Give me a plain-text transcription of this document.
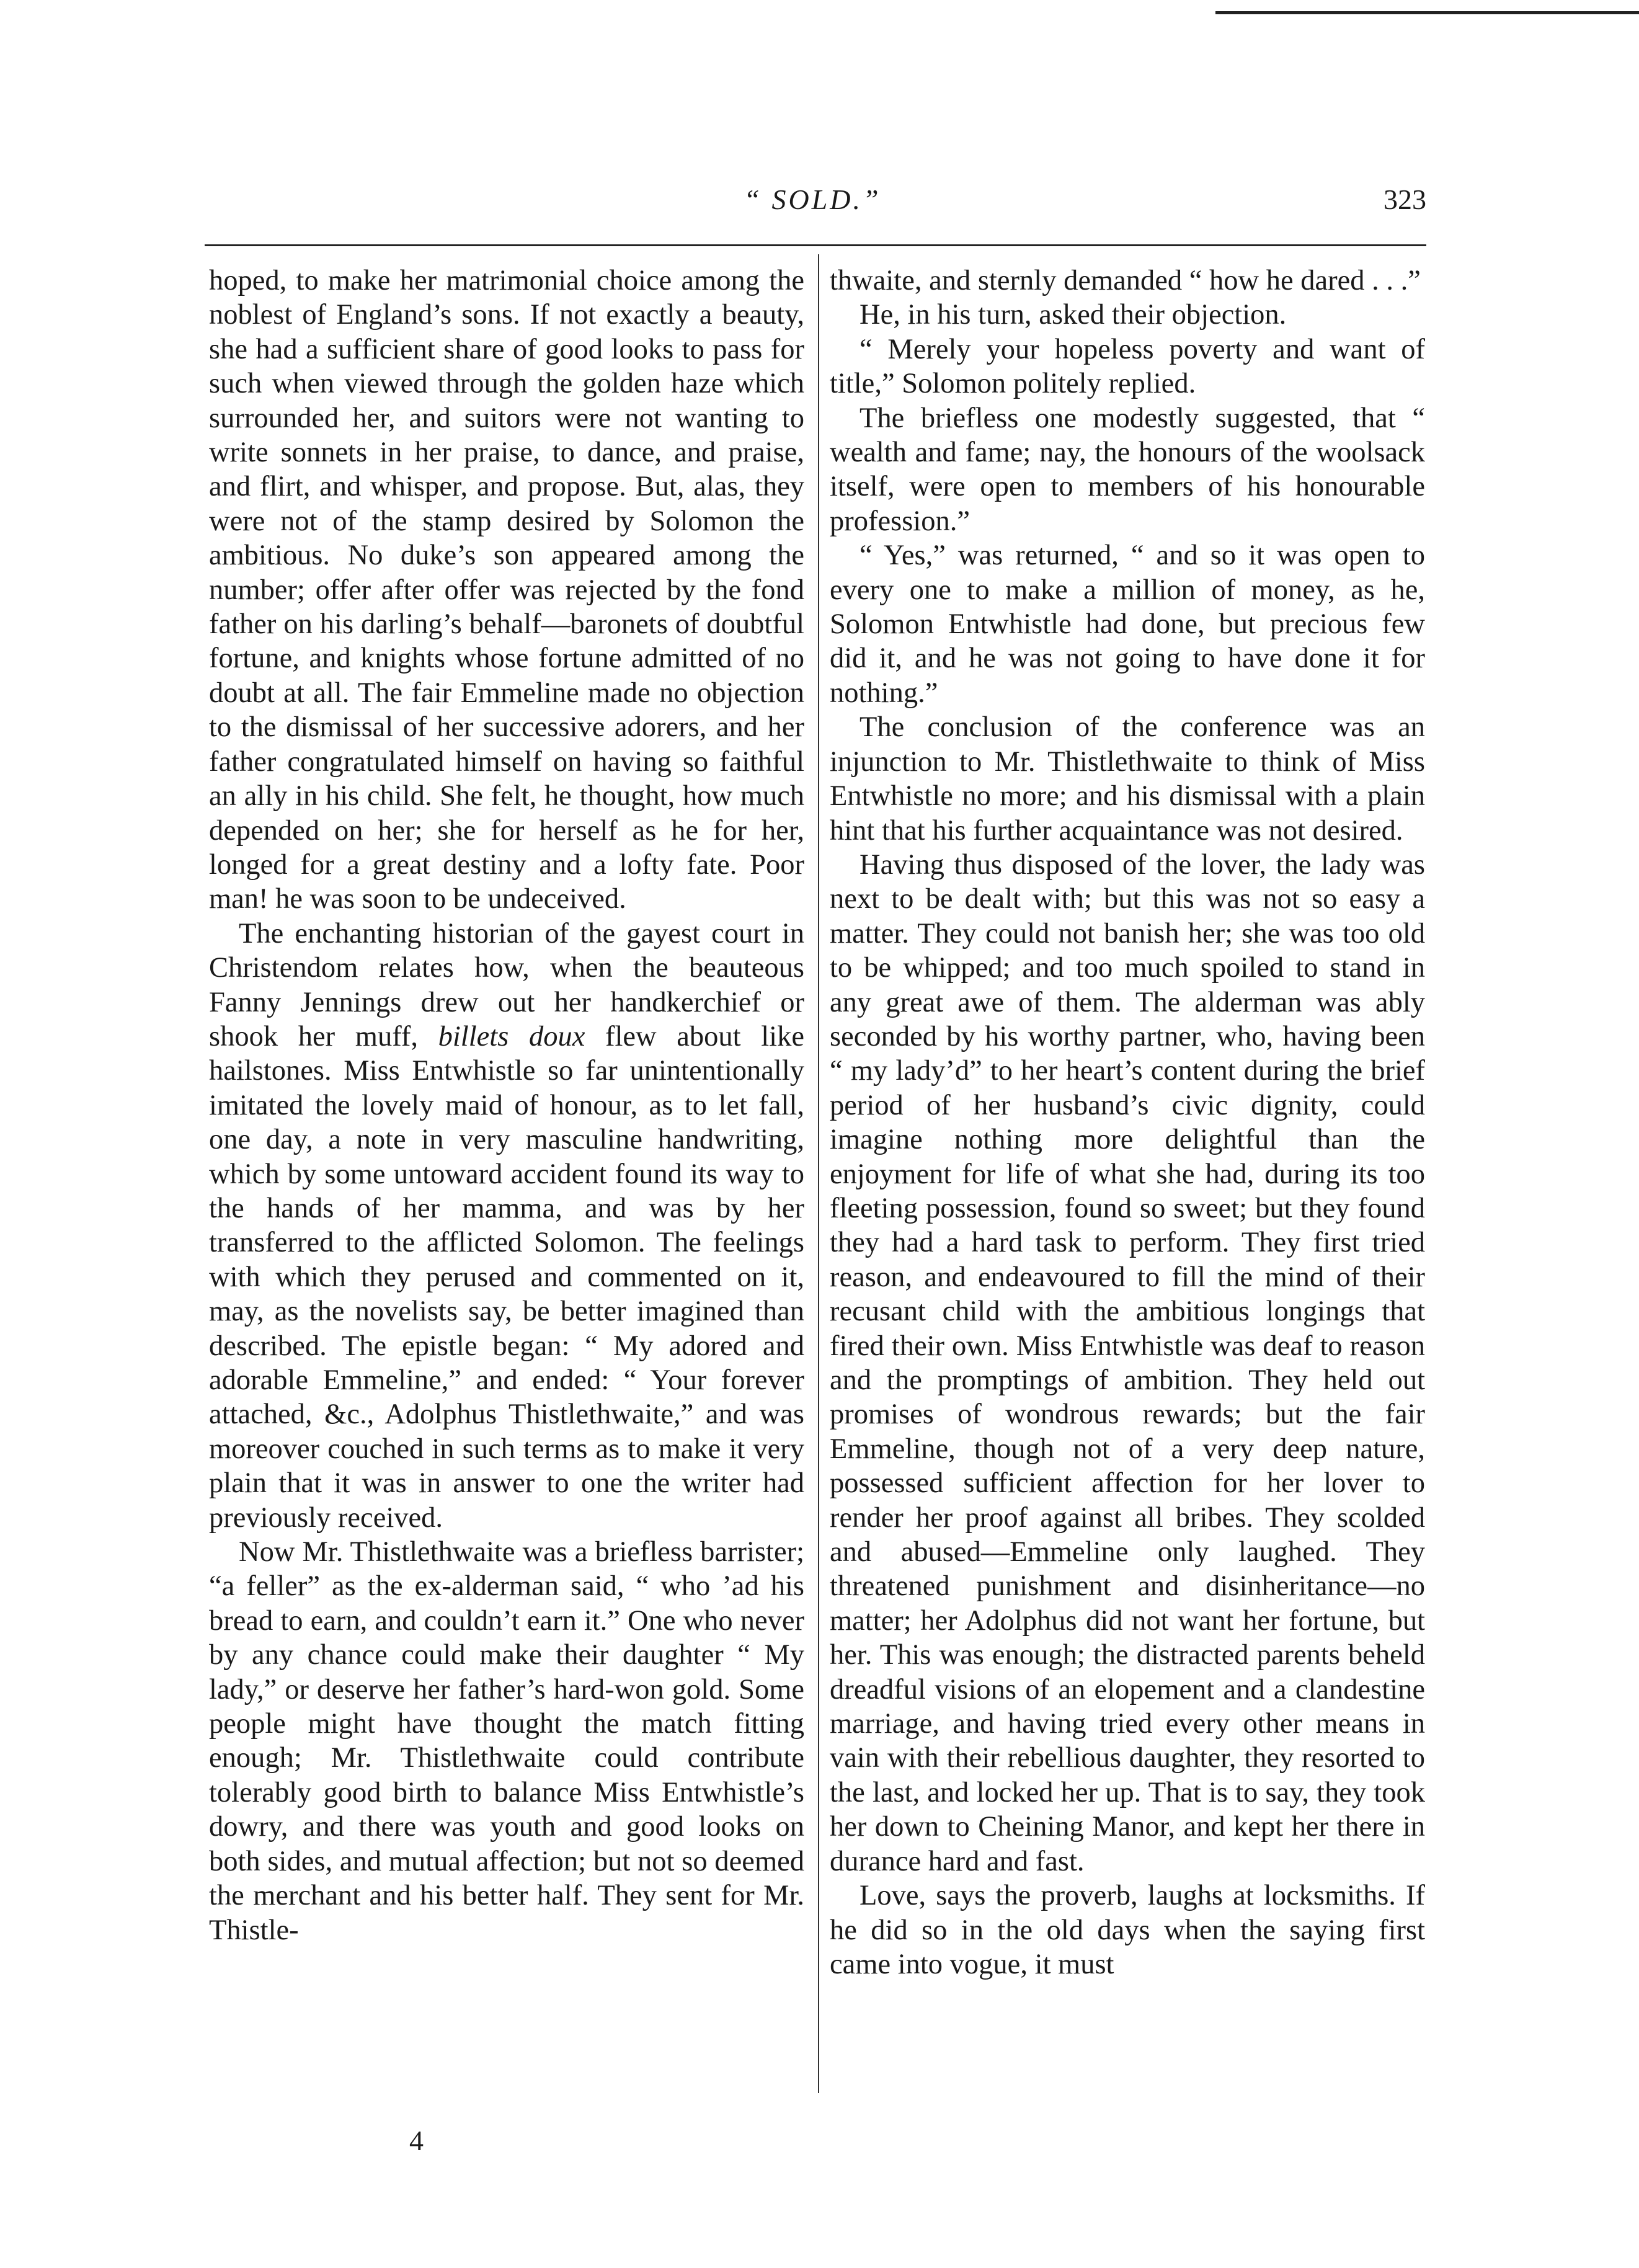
“ SOLD.”	323

hoped, to make her matrimonial choice among the noblest of England’s sons. If not exactly a beauty, she had a sufficient share of good looks to pass for such when viewed through the golden haze which surrounded her, and suitors were not wanting to write sonnets in her praise, to dance, and praise, and flirt, and whisper, and propose. But, alas, they were not of the stamp desired by Solomon the ambitious. No duke’s son appeared among the number; offer after offer was rejected by the fond father on his darling’s behalf—baronets of doubtful fortune, and knights whose fortune admitted of no doubt at all. The fair Emmeline made no objection to the dismissal of her successive adorers, and her father congratulated himself on having so faithful an ally in his child. She felt, he thought, how much depended on her; she for herself as he for her, longed for a great destiny and a lofty fate. Poor man! he was soon to be undeceived.

The enchanting historian of the gayest court in Christendom relates how, when the beauteous Fanny Jennings drew out her handkerchief or shook her muff, billets doux flew about like hailstones. Miss Entwhistle so far unintentionally imitated the lovely maid of honour, as to let fall, one day, a note in very masculine handwriting, which by some untoward accident found its way to the hands of her mamma, and was by her transferred to the afflicted Solomon. The feelings with which they perused and commented on it, may, as the novelists say, be better imagined than described. The epistle began: “ My adored and adorable Emmeline,” and ended: “ Your forever attached, &c., Adolphus Thistlethwaite,” and was moreover couched in such terms as to make it very plain that it was in answer to one the writer had previously received.

Now Mr. Thistlethwaite was a briefless barrister; “a feller” as the ex-alderman said, “ who ’ad his bread to earn, and couldn’t earn it.” One who never by any chance could make their daughter “ My lady,” or deserve her father’s hard-won gold. Some people might have thought the match fitting enough; Mr. Thistlethwaite could contribute tolerably good birth to balance Miss Entwhistle’s dowry, and there was youth and good looks on both sides, and mutual affection; but not so deemed the merchant and his better half. They sent for Mr. Thistle-

thwaite, and sternly demanded “ how he dared . . .”

He, in his turn, asked their objection.

“ Merely your hopeless poverty and want of title,” Solomon politely replied.

The briefless one modestly suggested, that “ wealth and fame; nay, the honours of the woolsack itself, were open to members of his honourable profession.”

“ Yes,” was returned, “ and so it was open to every one to make a million of money, as he, Solomon Entwhistle had done, but precious few did it, and he was not going to have done it for nothing.”

The conclusion of the conference was an injunction to Mr. Thistlethwaite to think of Miss Entwhistle no more; and his dismissal with a plain hint that his further acquaintance was not desired.

Having thus disposed of the lover, the lady was next to be dealt with; but this was not so easy a matter. They could not banish her; she was too old to be whipped; and too much spoiled to stand in any great awe of them. The alderman was ably seconded by his worthy partner, who, having been “ my lady’d” to her heart’s content during the brief period of her husband’s civic dignity, could imagine nothing more delightful than the enjoyment for life of what she had, during its too fleeting possession, found so sweet; but they found they had a hard task to perform. They first tried reason, and endeavoured to fill the mind of their recusant child with the ambitious longings that fired their own. Miss Entwhistle was deaf to reason and the promptings of ambition. They held out promises of wondrous rewards; but the fair Emmeline, though not of a very deep nature, possessed sufficient affection for her lover to render her proof against all bribes. They scolded and abused—Emmeline only laughed. They threatened punishment and disinheritance—no matter; her Adolphus did not want her fortune, but her. This was enough; the distracted parents beheld dreadful visions of an elopement and a clandestine marriage, and having tried every other means in vain with their rebellious daughter, they resorted to the last, and locked her up. That is to say, they took her down to Cheining Manor, and kept her there in durance hard and fast.

Love, says the proverb, laughs at locksmiths. If he did so in the old days when the saying first came into vogue, it must

4
